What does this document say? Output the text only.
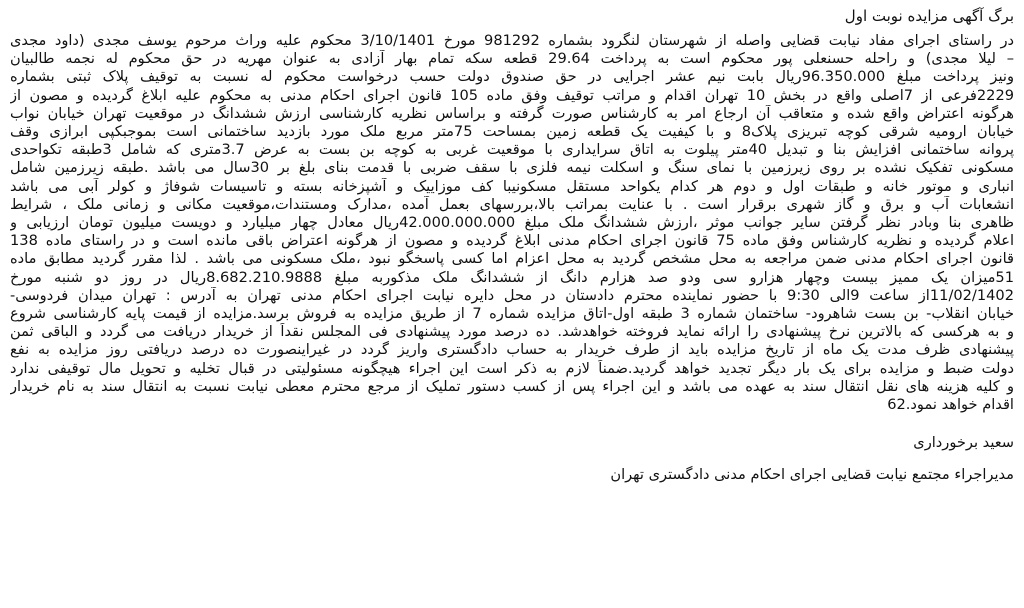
برگ آگهی مزایده نوبت اول
در راستای اجرای مفاد نیابت قضایی واصله از شهرستان لنگرود بشماره 981292 مورخ 3/10/1401 محکوم علیه وراث مرحوم یوسف مجدی (داود مجدی
– لیلا مجدی) و راحله حسنعلی پور محکوم است به پرداخت 29.64 قطعه سکه تمام بهار آزادی به عنوان مهریه در حق محکوم له نجمه طالبیان
ونیز پرداخت مبلغ 96.350.000ریال بابت نیم عشر اجرایی در حق صندوق دولت حسب درخواست محکوم له نسبت به توقیف پلاک ثبتی بشماره
2229فرعی از 7اصلی واقع در بخش 10 تهران اقدام و مراتب توقیف وفق ماده 105 قانون اجرای احکام مدنی به محکوم علیه ابلاغ گردیده و مصون از
هرگونه اعتراض واقع شده و متعاقب آن ارجاع امر به کارشناس صورت گرفته و براساس نظریه کارشناسی ارزش ششدانگ در موقعیت تهران خیابان نواب
خیابان ارومیه شرقی کوچه تبریزی پلاک8 و با کیفیت یک قطعه زمین بمساحت 75متر مربع ملک مورد بازدید ساختمانی است بموجبکپی ابرازی وقف
پروانه ساختمانی افزایش بنا و تبدیل 40متر پیلوت به اتاق سرایداری با موقعیت غربی به کوچه بن بست به عرض 3.7متری که شامل 3طبقه تکواحدی
مسکونی تفکیک نشده بر روی زیرزمین با نمای سنگ و اسکلت نیمه فلزی با سقف ضربی با قدمت بنای بلغ بر 30سال می باشد .طبقه زیرزمین شامل
انباری و موتور خانه و طبقات اول و دوم هر کدام یکواحد مستقل مسکونیبا کف موزاییک و آشپزخانه بسته و تاسیسات شوفاژ و کولر آبی می باشد
انشعابات آب و برق و گاز شهری برقرار است . با عنایت بمراتب بالا،بررسهای بعمل آمده ،مدارک ومستندات،موقعیت مکانی و زمانی ملک ، شرایط
ظاهری بنا وبادر نظر گرفتن سایر جوانب موثر ،ارزش ششدانگ ملک مبلغ 42.000.000.000ریال معادل چهار میلیارد و دویست میلیون تومان ارزیابی و
اعلام گردیده و نظریه کارشناس وفق ماده 75 قانون اجرای احکام مدنی ابلاغ گردیده و مصون از هرگونه اعتراض باقی مانده است و در راستای ماده 138
قانون اجرای احکام مدنی ضمن مراجعه به محل مشخص گردید به محل اعزام اما کسی پاسخگو نبود ،ملک مسکونی می باشد . لذا مقرر گردید مطابق ماده
51میزان یک ممیز بیست وچهار هزارو سی ودو صد هزارم دانگ از ششدانگ ملک مذکوربه مبلغ 8.682.210.9888ریال در روز دو شنبه مورخ
11/02/1402از ساعت 9الی 9:30 با حضور نماینده محترم دادستان در محل دایره نیابت اجرای احکام مدنی تهران به آدرس : تهران میدان فردوسی-
خیابان انقلاب- بن بست شاهرود- ساختمان شماره 3 طبقه اول-اتاق مزایده شماره 7 از طریق مزایده به فروش برسد.مزایده از قیمت پایه کارشناسی شروع
و به هرکسی که بالاترین نرخ پیشنهادی را ارائه نماید فروخته خواهدشد. ده درصد مورد پیشنهادی فی المجلس نقداً از خریدار دریافت می گردد و الباقی ثمن
پیشنهادی ظرف مدت یک ماه از تاریخ مزایده باید از طرف خریدار به حساب دادگستری واریز گردد در غیراینصورت ده درصد دریافتی روز مزایده به نفع
دولت ضبط و مزایده برای یک بار دیگر تجدید خواهد گردید.ضمناً لازم به ذکر است این اجراء هیچگونه مسئولیتی در قبال تخلیه و تحویل مال توقیفی ندارد
و کلیه هزینه های نقل انتقال سند به عهده می باشد و این اجراء پس از کسب دستور تملیک از مرجع محترم معطی نیابت نسبت به انتقال سند به نام خریدار
اقدام خواهد نمود.62
سعید برخورداری
مدیراجراء مجتمع نیابت قضایی اجرای احکام مدنی دادگستری تهران
